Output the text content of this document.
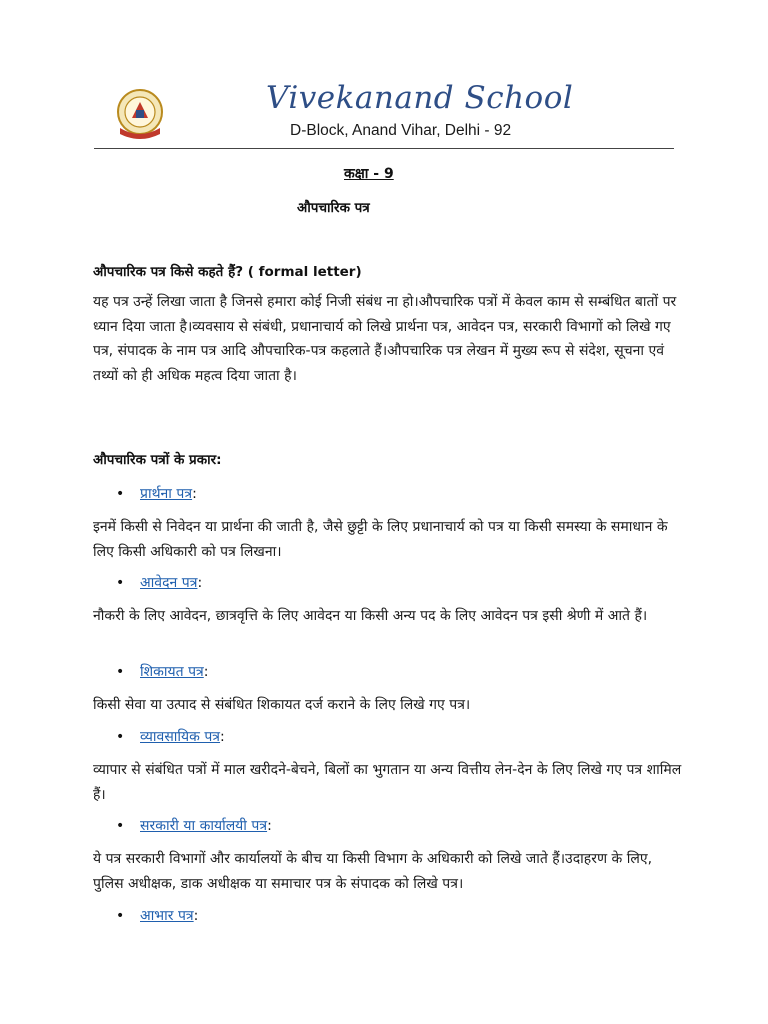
Vivekanand School
D-Block, Anand Vihar, Delhi - 92
कक्षा - 9
औपचारिक पत्र
औपचारिक पत्र किसे कहते हैं? ( formal letter)
यह पत्र उन्हें लिखा जाता है जिनसे हमारा कोई निजी संबंध ना हो।औपचारिक पत्रों में केवल काम से सम्बंधित बातों पर ध्यान दिया जाता है।व्यवसाय से संबंधी, प्रधानाचार्य को लिखे प्रार्थना पत्र, आवेदन पत्र, सरकारी विभागों को लिखे गए पत्र, संपादक के नाम पत्र आदि औपचारिक-पत्र कहलाते हैं।औपचारिक पत्र लेखन में मुख्य रूप से संदेश, सूचना एवं तथ्यों को ही अधिक महत्व दिया जाता है।
औपचारिक पत्रों के प्रकार:
• प्रार्थना पत्र:
इनमें किसी से निवेदन या प्रार्थना की जाती है, जैसे छुट्टी के लिए प्रधानाचार्य को पत्र या किसी समस्या के समाधान के लिए किसी अधिकारी को पत्र लिखना।
• आवेदन पत्र:
नौकरी के लिए आवेदन, छात्रवृत्ति के लिए आवेदन या किसी अन्य पद के लिए आवेदन पत्र इसी श्रेणी में आते हैं।
• शिकायत पत्र:
किसी सेवा या उत्पाद से संबंधित शिकायत दर्ज कराने के लिए लिखे गए पत्र।
• व्यावसायिक पत्र:
व्यापार से संबंधित पत्रों में माल खरीदने-बेचने, बिलों का भुगतान या अन्य वित्तीय लेन-देन के लिए लिखे गए पत्र शामिल हैं।
• सरकारी या कार्यालयी पत्र:
ये पत्र सरकारी विभागों और कार्यालयों के बीच या किसी विभाग के अधिकारी को लिखे जाते हैं।उदाहरण के लिए, पुलिस अधीक्षक, डाक अधीक्षक या समाचार पत्र के संपादक को लिखे पत्र।
• आभार पत्र:
